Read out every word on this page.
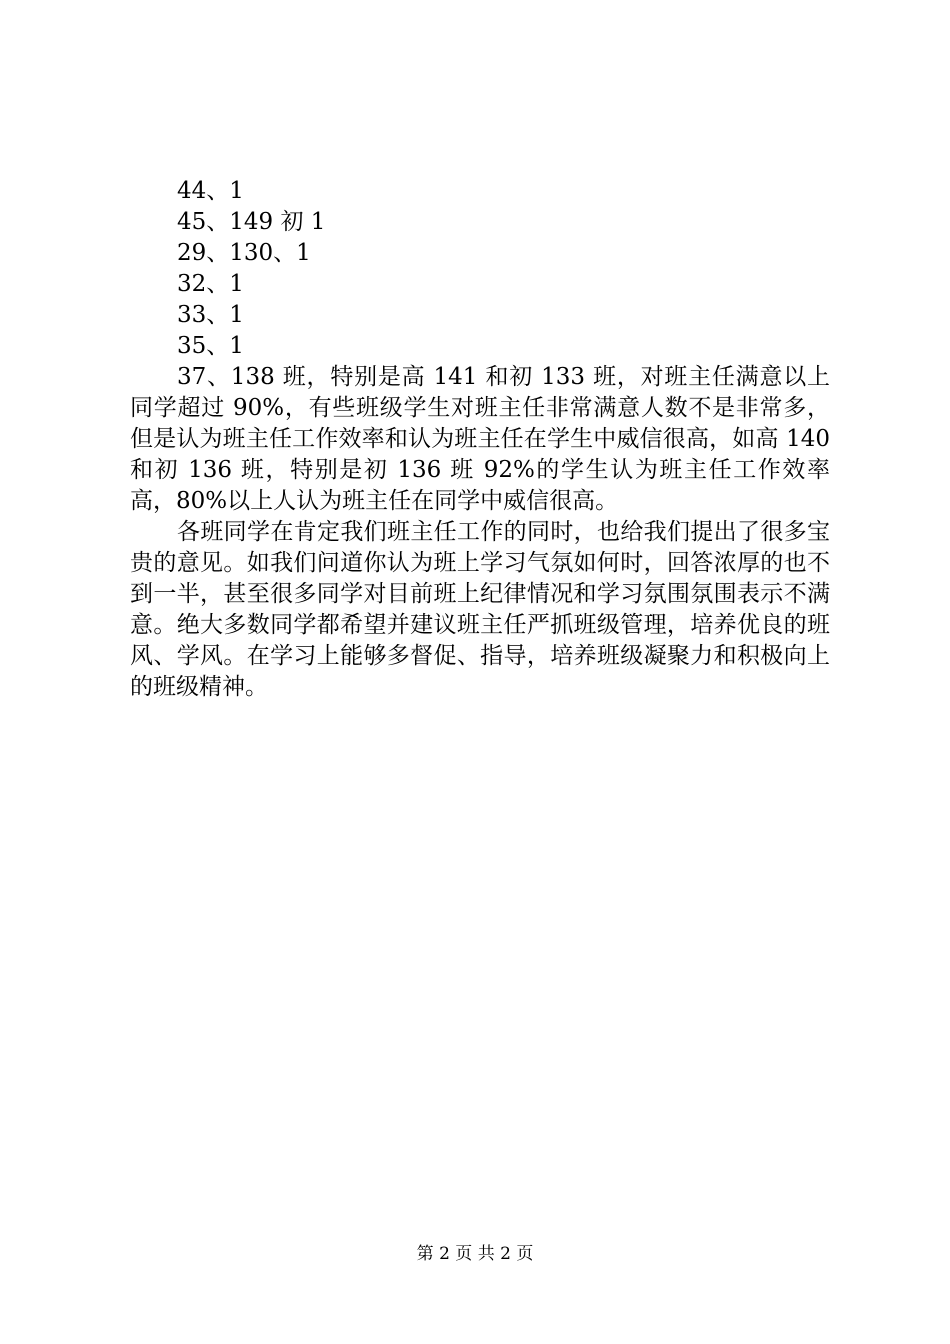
44、1
45、149 初 1
29、130、1
32、1
33、1
35、1

37、138 班，特别是高 141 和初 133 班，对班主任满意以上同学超过 90%，有些班级学生对班主任非常满意人数不是非常多，但是认为班主任工作效率和认为班主任在学生中威信很高，如高 140 和初 136 班，特别是初 136 班 92%的学生认为班主任工作效率高，80%以上人认为班主任在同学中威信很高。

各班同学在肯定我们班主任工作的同时，也给我们提出了很多宝贵的意见。如我们问道你认为班上学习气氛如何时，回答浓厚的也不到一半，甚至很多同学对目前班上纪律情况和学习氛围氛围表示不满意。绝大多数同学都希望并建议班主任严抓班级管理，培养优良的班风、学风。在学习上能够多督促、指导，培养班级凝聚力和积极向上的班级精神。

第 2 页 共 2 页
